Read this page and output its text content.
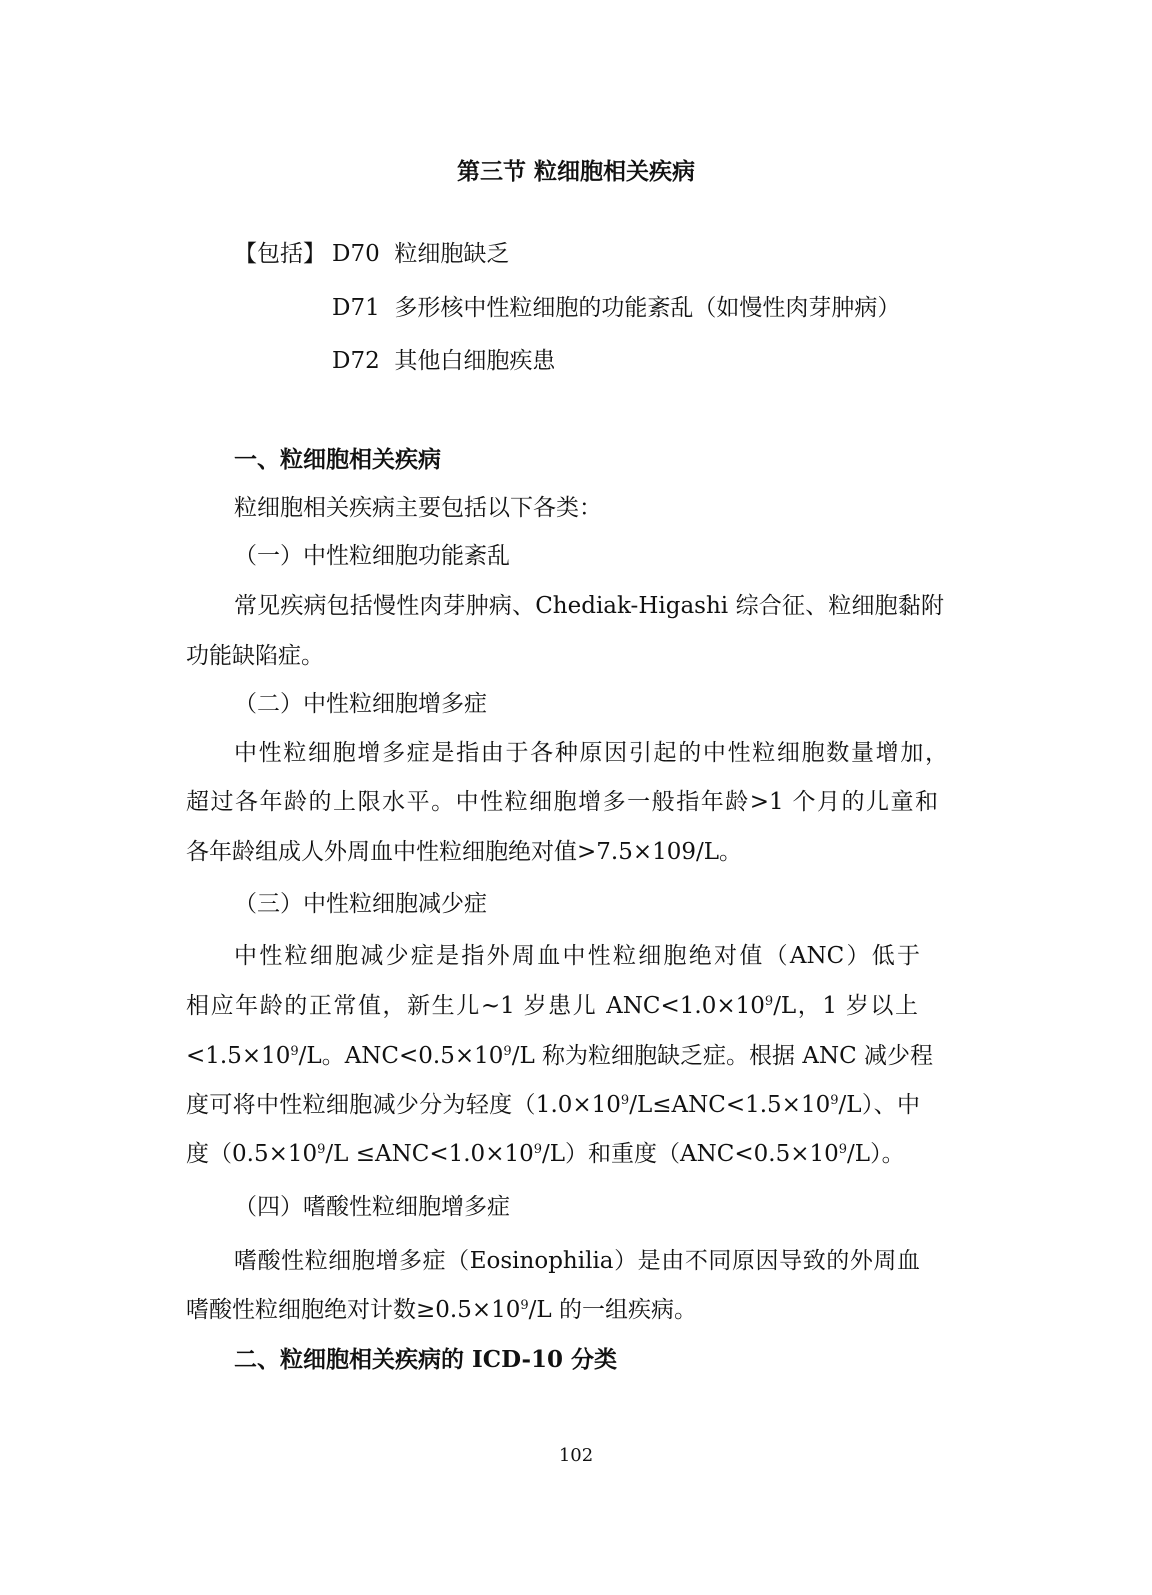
第三节 粒细胞相关疾病
【包括】 D70 粒细胞缺乏
D71 多形核中性粒细胞的功能紊乱（如慢性肉芽肿病）
D72 其他白细胞疾患
一、粒细胞相关疾病
粒细胞相关疾病主要包括以下各类：
（一）中性粒细胞功能紊乱
常见疾病包括慢性肉芽肿病、Chediak-Higashi 综合征、粒细胞黏附
功能缺陷症。
（二）中性粒细胞增多症
中性粒细胞增多症是指由于各种原因引起的中性粒细胞数量增加，
超过各年龄的上限水平。中性粒细胞增多一般指年龄>1 个月的儿童和
各年龄组成人外周血中性粒细胞绝对值>7.5×109/L。
（三）中性粒细胞减少症
中性粒细胞减少症是指外周血中性粒细胞绝对值（ANC）低于
相应年龄的正常值，新生儿~1 岁患儿 $ANC<1.0\times 10^9/L$，1 岁以上
$<1.5\times 10^9/L$。$ANC<0.5\times 10^9/L$ 称为粒细胞缺乏症。根据 ANC 减少程
度可将中性粒细胞减少分为轻度$(1.0\times 10^9/L\le ANC<1.5\times 10^9/L)$、中
度$(0.5\times 10^9/L \le ANC<1.0\times 10^9/L)$和重度$(ANC<0.5\times 10^9/L)$。
（四）嗜酸性粒细胞增多症
嗜酸性粒细胞增多症（Eosinophilia）是由不同原因导致的外周血
嗜酸性粒细胞绝对计数$\ge 0.5\times 10^9/L$ 的一组疾病。
二、粒细胞相关疾病的 ICD-10 分类
102
